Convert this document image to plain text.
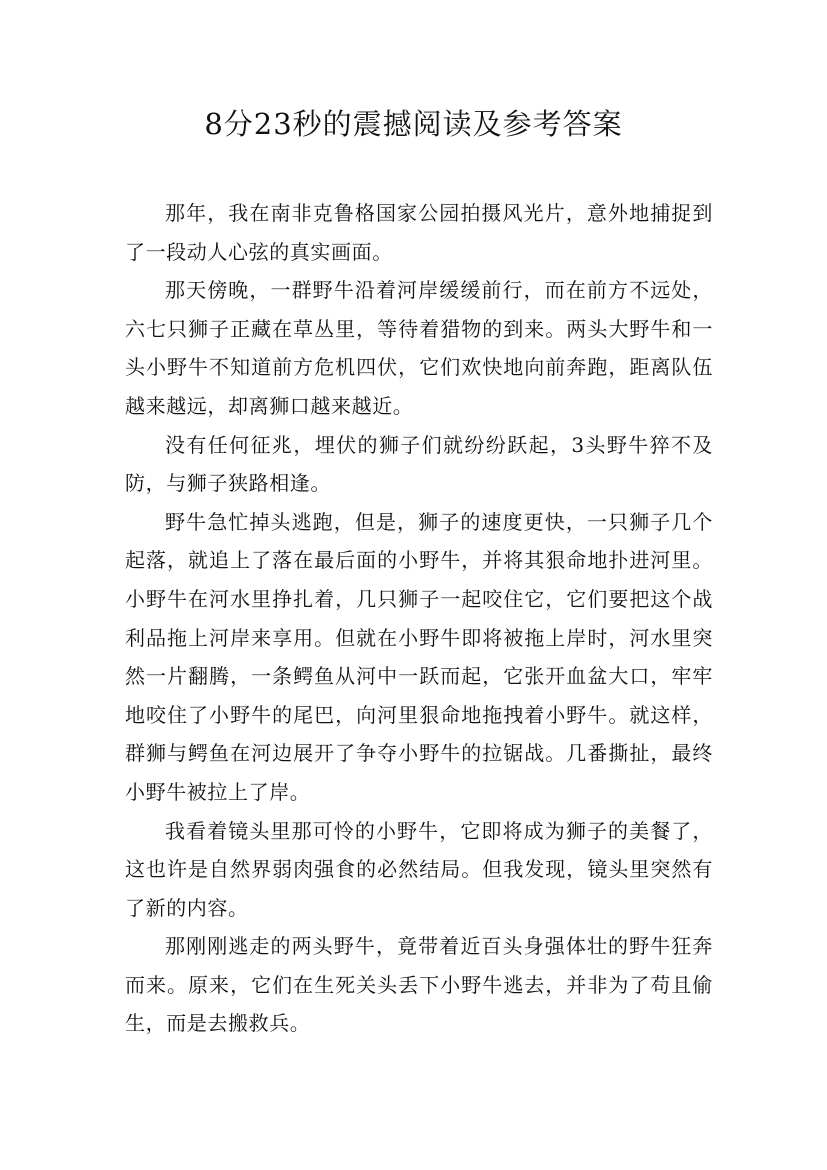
8分23秒的震撼阅读及参考答案

那年，我在南非克鲁格国家公园拍摄风光片，意外地捕捉到了一段动人心弦的真实画面。

那天傍晚，一群野牛沿着河岸缓缓前行，而在前方不远处，六七只狮子正藏在草丛里，等待着猎物的到来。两头大野牛和一头小野牛不知道前方危机四伏，它们欢快地向前奔跑，距离队伍越来越远，却离狮口越来越近。

没有任何征兆，埋伏的狮子们就纷纷跃起，3头野牛猝不及防，与狮子狭路相逢。

野牛急忙掉头逃跑，但是，狮子的速度更快，一只狮子几个起落，就追上了落在最后面的小野牛，并将其狠命地扑进河里。小野牛在河水里挣扎着，几只狮子一起咬住它，它们要把这个战利品拖上河岸来享用。但就在小野牛即将被拖上岸时，河水里突然一片翻腾，一条鳄鱼从河中一跃而起，它张开血盆大口，牢牢地咬住了小野牛的尾巴，向河里狠命地拖拽着小野牛。就这样，群狮与鳄鱼在河边展开了争夺小野牛的拉锯战。几番撕扯，最终小野牛被拉上了岸。

我看着镜头里那可怜的小野牛，它即将成为狮子的美餐了，这也许是自然界弱肉强食的必然结局。但我发现，镜头里突然有了新的内容。

那刚刚逃走的两头野牛，竟带着近百头身强体壮的野牛狂奔而来。原来，它们在生死关头丢下小野牛逃去，并非为了苟且偷生，而是去搬救兵。
